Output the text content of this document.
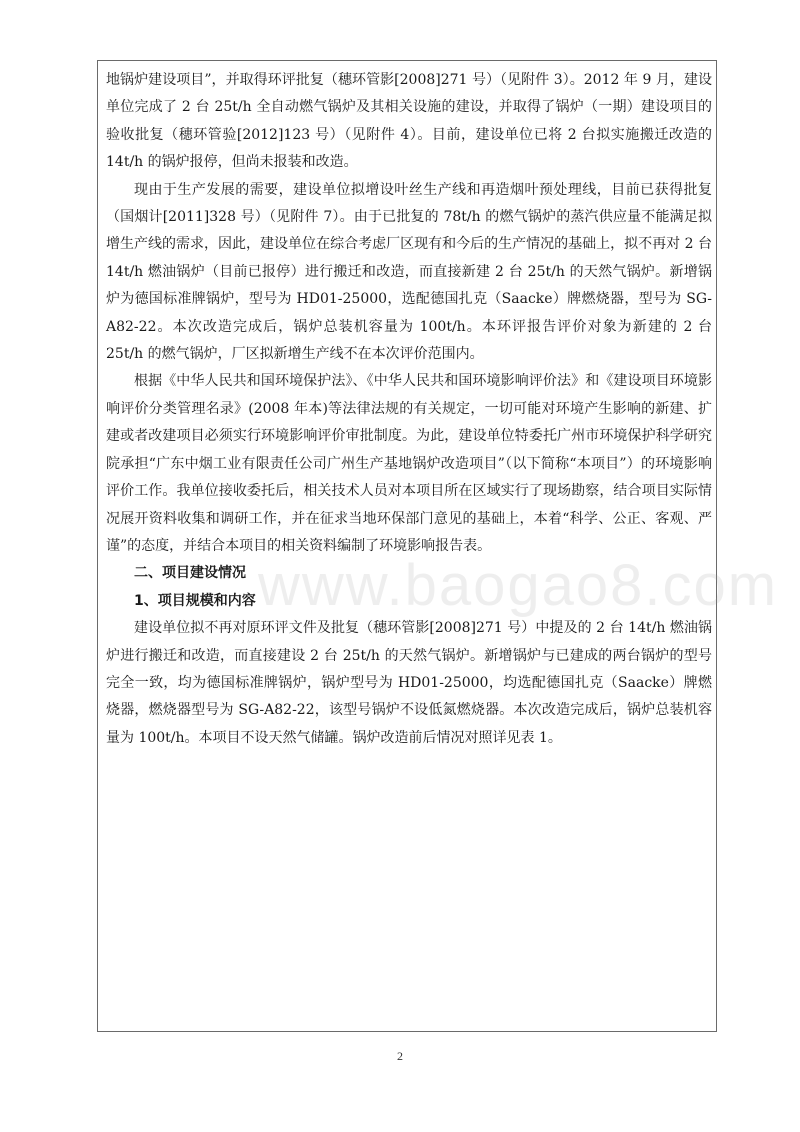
地锅炉建设项目”，并取得环评批复（穗环管影[2008]271 号）（见附件 3）。2012 年 9 月，建设单位完成了 2 台 25t/h 全自动燃气锅炉及其相关设施的建设，并取得了锅炉（一期）建设项目的验收批复（穗环管验[2012]123 号）（见附件 4）。目前，建设单位已将 2 台拟实施搬迁改造的 14t/h 的锅炉报停，但尚未报装和改造。

现由于生产发展的需要，建设单位拟增设叶丝生产线和再造烟叶预处理线，目前已获得批复（国烟计[2011]328 号）（见附件 7）。由于已批复的 78t/h 的燃气锅炉的蒸汽供应量不能满足拟增生产线的需求，因此，建设单位在综合考虑厂区现有和今后的生产情况的基础上，拟不再对 2 台 14t/h 燃油锅炉（目前已报停）进行搬迁和改造，而直接新建 2 台 25t/h 的天然气锅炉。新增锅炉为德国标准牌锅炉，型号为 HD01-25000，选配德国扎克（Saacke）牌燃烧器，型号为 SG-A82-22。本次改造完成后，锅炉总装机容量为 100t/h。本环评报告评价对象为新建的 2 台 25t/h 的燃气锅炉，厂区拟新增生产线不在本次评价范围内。

根据《中华人民共和国环境保护法》、《中华人民共和国环境影响评价法》和《建设项目环境影响评价分类管理名录》(2008 年本)等法律法规的有关规定，一切可能对环境产生影响的新建、扩建或者改建项目必须实行环境影响评价审批制度。为此，建设单位特委托广州市环境保护科学研究院承担“广东中烟工业有限责任公司广州生产基地锅炉改造项目”（以下简称“本项目”）的环境影响评价工作。我单位接收委托后，相关技术人员对本项目所在区域实行了现场勘察，结合项目实际情况展开资料收集和调研工作，并在征求当地环保部门意见的基础上，本着“科学、公正、客观、严谨”的态度，并结合本项目的相关资料编制了环境影响报告表。

二、项目建设情况

1、项目规模和内容

建设单位拟不再对原环评文件及批复（穗环管影[2008]271 号）中提及的 2 台 14t/h 燃油锅炉进行搬迁和改造，而直接建设 2 台 25t/h 的天然气锅炉。新增锅炉与已建成的两台锅炉的型号完全一致，均为德国标准牌锅炉，锅炉型号为 HD01-25000，均选配德国扎克（Saacke）牌燃烧器，燃烧器型号为 SG-A82-22，该型号锅炉不设低氮燃烧器。本次改造完成后，锅炉总装机容量为 100t/h。本项目不设天然气储罐。锅炉改造前后情况对照详见表 1。

www.baogao8.com
2
